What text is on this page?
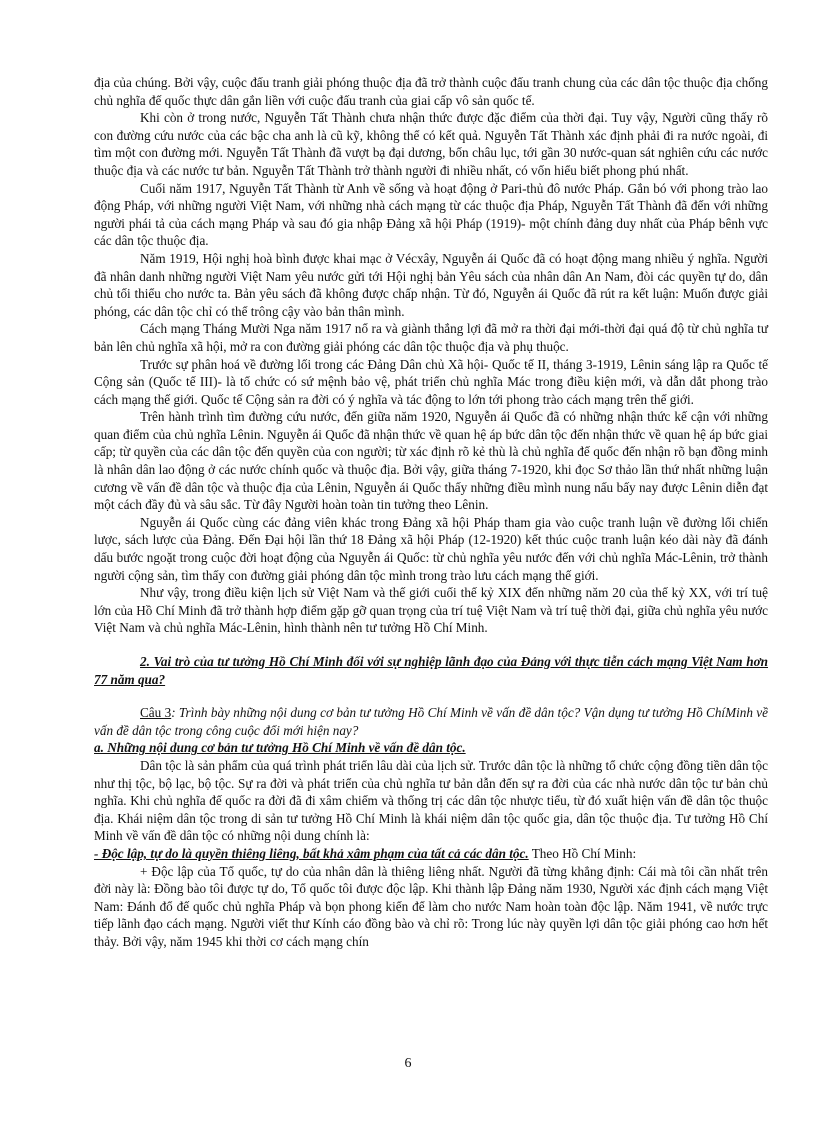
địa của chúng. Bởi vậy, cuộc đấu tranh giải phóng thuộc địa đã trở thành cuộc đấu tranh chung của các dân tộc thuộc địa chống chủ nghĩa đế quốc thực dân gắn liền với cuộc đấu tranh của giai cấp vô sản quốc tế.

Khi còn ở trong nước, Nguyễn Tất Thành chưa nhận thức được đặc điểm của thời đại. Tuy vậy, Người cũng thấy rõ con đường cứu nước của các bậc cha anh là cũ kỹ, không thể có kết quả. Nguyễn Tất Thành xác định phải đi ra nước ngoài, đi tìm một con đường mới. Nguyễn Tất Thành đã vượt bạ đại dương, bốn châu lục, tới gần 30 nước-quan sát nghiên cứu các nước thuộc địa và các nước tư bản. Nguyễn Tất Thành trở thành người đi nhiều nhất, có vốn hiểu biết phong phú nhất.

Cuối năm 1917, Nguyễn Tất Thành từ Anh về sống và hoạt động ở Pari-thủ đô nước Pháp. Gắn bó với phong trào lao động Pháp, với những người Việt Nam, với những nhà cách mạng từ các thuộc địa Pháp, Nguyễn Tất Thành đã đến với những người phái tả của cách mạng Pháp và sau đó gia nhập Đảng xã hội Pháp (1919)- một chính đảng duy nhất của Pháp bênh vực các dân tộc thuộc địa.

Năm 1919, Hội nghị hoà bình được khai mạc ở Vécxây, Nguyễn ái Quốc đã có hoạt động mang nhiều ý nghĩa. Người đã nhân danh những người Việt Nam yêu nước gửi tới Hội nghị bản Yêu sách của nhân dân An Nam, đòi các quyền tự do, dân chủ tối thiểu cho nước ta. Bản yêu sách đã không được chấp nhận. Từ đó, Nguyễn ái Quốc đã rút ra kết luận: Muốn được giải phóng, các dân tộc chỉ có thể trông cậy vào bản thân mình.

Cách mạng Tháng Mười Nga năm 1917 nổ ra và giành thắng lợi đã mở ra thời đại mới-thời đại quá độ từ chủ nghĩa tư bản lên chủ nghĩa xã hội, mở ra con đường giải phóng các dân tộc thuộc địa và phụ thuộc.

Trước sự phân hoá về đường lối trong các Đảng Dân chủ Xã hội- Quốc tế II, tháng 3-1919, Lênin sáng lập ra Quốc tế Cộng sản (Quốc tế III)- là tổ chức có sứ mệnh bảo vệ, phát triển chủ nghĩa Mác trong điều kiện mới, và dẫn dắt phong trào cách mạng thế giới. Quốc tế Cộng sản ra đời có ý nghĩa và tác động to lớn tới phong trào cách mạng trên thế giới.

Trên hành trình tìm đường cứu nước, đến giữa năm 1920, Nguyễn ái Quốc đã có những nhận thức kế cận với những quan điểm của chủ nghĩa Lênin. Nguyễn ái Quốc đã nhận thức về quan hệ áp bức dân tộc đến nhận thức về quan hệ áp bức giai cấp; từ quyền của các dân tộc đến quyền của con người; từ xác định rõ kẻ thù là chủ nghĩa đế quốc đến nhận rõ bạn đồng minh là nhân dân lao động ở các nước chính quốc và thuộc địa. Bởi vậy, giữa tháng 7-1920, khi đọc Sơ thảo lần thứ nhất những luận cương về vấn đề dân tộc và thuộc địa của Lênin, Nguyễn ái Quốc thấy những điều mình nung nấu bấy nay được Lênin diễn đạt một cách đầy đủ và sâu sắc. Từ đây Người hoàn toàn tin tưởng theo Lênin.

Nguyễn ái Quốc cùng các đảng viên khác trong Đảng xã hội Pháp tham gia vào cuộc tranh luận về đường lối chiến lược, sách lược của Đảng. Đến Đại hội lần thứ 18 Đảng xã hội Pháp (12-1920) kết thúc cuộc tranh luận kéo dài này đã đánh dấu bước ngoặt trong cuộc đời hoạt động của Nguyễn ái Quốc: từ chủ nghĩa yêu nước đến với chủ nghĩa Mác-Lênin, trở thành người cộng sản, tìm thấy con đường giải phóng dân tộc mình trong trào lưu cách mạng thế giới.

Như vậy, trong điều kiện lịch sử Việt Nam và thế giới cuối thế kỷ XIX đến những năm 20 của thế kỷ XX, với trí tuệ lớn của Hồ Chí Minh đã trở thành hợp điểm gặp gỡ quan trọng của trí tuệ Việt Nam và trí tuệ thời đại, giữa chủ nghĩa yêu nước Việt Nam và chủ nghĩa Mác-Lênin, hình thành nên tư tưởng Hồ Chí Minh.

2. Vai trò của tư tưởng Hồ Chí Minh đối với sự nghiệp lãnh đạo của Đảng với thực tiễn cách mạng Việt Nam hơn 77 năm qua?

Câu 3: Trình bày những nội dung cơ bản tư tưởng Hồ Chí Minh về vấn đề dân tộc? Vận dụng tư tưởng Hồ ChíMinh về vấn đề dân tộc trong công cuộc đổi mới hiện nay?

a. Những nội dung cơ bản tư tưởng Hồ Chí Minh về vấn đề dân tộc.

Dân tộc là sản phẩm của quá trình phát triển lâu dài của lịch sử. Trước dân tộc là những tổ chức cộng đồng tiền dân tộc như thị tộc, bộ lạc, bộ tộc. Sự ra đời và phát triển của chủ nghĩa tư bản dẫn đến sự ra đời của các nhà nước dân tộc tư bản chủ nghĩa. Khi chủ nghĩa đế quốc ra đời đã đi xâm chiếm và thống trị các dân tộc nhược tiểu, từ đó xuất hiện vấn đề dân tộc thuộc địa. Khái niệm dân tộc trong di sản tư tưởng Hồ Chí Minh là khái niệm dân tộc quốc gia, dân tộc thuộc địa. Tư tưởng Hồ Chí Minh về vấn đề dân tộc có những nội dung chính là:

- Độc lập, tự do là quyền thiêng liêng, bất khả xâm phạm của tất cả các dân tộc. Theo Hồ Chí Minh:

+ Độc lập của Tổ quốc, tự do của nhân dân là thiêng liêng nhất. Người đã từng khẳng định: Cái mà tôi cần nhất trên đời này là: Đồng bào tôi được tự do, Tổ quốc tôi được độc lập. Khi thành lập Đảng năm 1930, Người xác định cách mạng Việt Nam: Đánh đổ đế quốc chủ nghĩa Pháp và bọn phong kiến để làm cho nước Nam hoàn toàn độc lập. Năm 1941, về nước trực tiếp lãnh đạo cách mạng. Người viết thư Kính cáo đồng bào và chỉ rõ: Trong lúc này quyền lợi dân tộc giải phóng cao hơn hết thảy. Bởi vậy, năm 1945 khi thời cơ cách mạng chín

6
